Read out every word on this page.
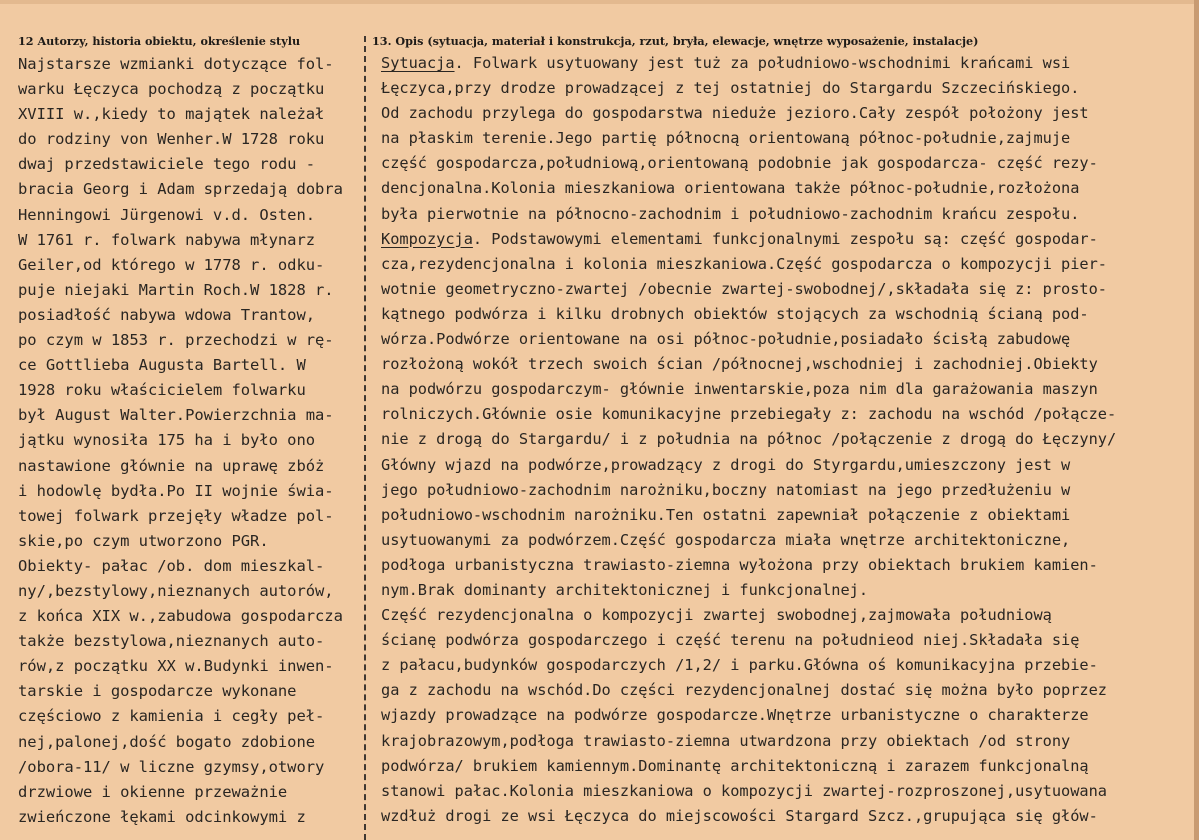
12 Autorzy, historia obiektu, określenie stylu	13. Opis (sytuacja, materiał i konstrukcja, rzut, bryła, elewacje, wnętrze wyposażenie, instalacje)
Najstarsze wzmianki dotyczące fol-
warku Łęczyca pochodzą z początku
XVIII w.,kiedy to majątek należał
do rodziny von Wenher.W 1728 roku
dwaj przedstawiciele tego rodu -
bracia Georg i Adam sprzedają dobra
Henningowi Jürgenowi v.d. Osten.
W 1761 r. folwark nabywa młynarz
Geiler,od którego w 1778 r. odku-
puje niejaki Martin Roch.W 1828 r.
posiadłość nabywa wdowa Trantow,
po czym w 1853 r. przechodzi w rę-
ce Gottlieba Augusta Bartell. W
1928 roku właścicielem folwarku
był August Walter.Powierzchnia ma-
jątku wynosiła 175 ha i było ono
nastawione głównie na uprawę zbóż
i hodowlę bydła.Po II wojnie świa-
towej folwark przejęły władze pol-
skie,po czym utworzono PGR.
Obiekty- pałac /ob. dom mieszkal-
ny/,bezstylowy,nieznanych autorów,
z końca XIX w.,zabudowa gospodarcza
także bezstylowa,nieznanych auto-
rów,z początku XX w.Budynki inwen-
tarskie i gospodarcze wykonane
częściowo z kamienia i cegły peł-
nej,palonej,dość bogato zdobione
/obora-11/ w liczne gzymsy,otwory
drzwiowe i okienne przeważnie
zwieńczone łękami odcinkowymi z
Sytuacja. Folwark usytuowany jest tuż za południowo-wschodnimi krańcami wsi
Łęczyca,przy drodze prowadzącej z tej ostatniej do Stargardu Szczecińskiego.
Od zachodu przylega do gospodarstwa nieduże jezioro.Cały zespół położony jest
na płaskim terenie.Jego partię północną orientowaną północ-południe,zajmuje
część gospodarcza,południową,orientowaną podobnie jak gospodarcza- część rezy-
dencjonalna.Kolonia mieszkaniowa orientowana także północ-południe,rozłożona
była pierwotnie na północno-zachodnim i południowo-zachodnim krańcu zespołu.
Kompozycja. Podstawowymi elementami funkcjonalnymi zespołu są: część gospodar-
cza,rezydencjonalna i kolonia mieszkaniowa.Część gospodarcza o kompozycji pier-
wotnie geometryczno-zwartej /obecnie zwartej-swobodnej/,składała się z: prosto-
kątnego podwórza i kilku drobnych obiektów stojących za wschodnią ścianą pod-
wórza.Podwórze orientowane na osi północ-południe,posiadało ścisłą zabudowę
rozłożoną wokół trzech swoich ścian /północnej,wschodniej i zachodniej.Obiekty
na podwórzu gospodarczym- głównie inwentarskie,poza nim dla garażowania maszyn
rolniczych.Głównie osie komunikacyjne przebiegały z: zachodu na wschód /połącze-
nie z drogą do Stargardu/ i z południa na północ /połączenie z drogą do Łęczyny/
Główny wjazd na podwórze,prowadzący z drogi do Styrgardu,umieszczony jest w
jego południowo-zachodnim narożniku,boczny natomiast na jego przedłużeniu w
południowo-wschodnim narożniku.Ten ostatni zapewniał połączenie z obiektami
usytuowanymi za podwórzem.Część gospodarcza miała wnętrze architektoniczne,
podłoga urbanistyczna trawiasto-ziemna wyłożona przy obiektach brukiem kamien-
nym.Brak dominanty architektonicznej i funkcjonalnej.
Część rezydencjonalna o kompozycji zwartej swobodnej,zajmowała południową
ścianę podwórza gospodarczego i część terenu na południeod niej.Składała się
z pałacu,budynków gospodarczych /1,2/ i parku.Główna oś komunikacyjna przebie-
ga z zachodu na wschód.Do części rezydencjonalnej dostać się można było poprzez
wjazdy prowadzące na podwórze gospodarcze.Wnętrze urbanistyczne o charakterze
krajobrazowym,podłoga trawiasto-ziemna utwardzona przy obiektach /od strony
podwórza/ brukiem kamiennym.Dominantę architektoniczną i zarazem funkcjonalną
stanowi pałac.Kolonia mieszkaniowa o kompozycji zwartej-rozproszonej,usytuowana
wzdłuż drogi ze wsi Łęczyca do miejscowości Stargard Szcz.,grupująca się głów-
